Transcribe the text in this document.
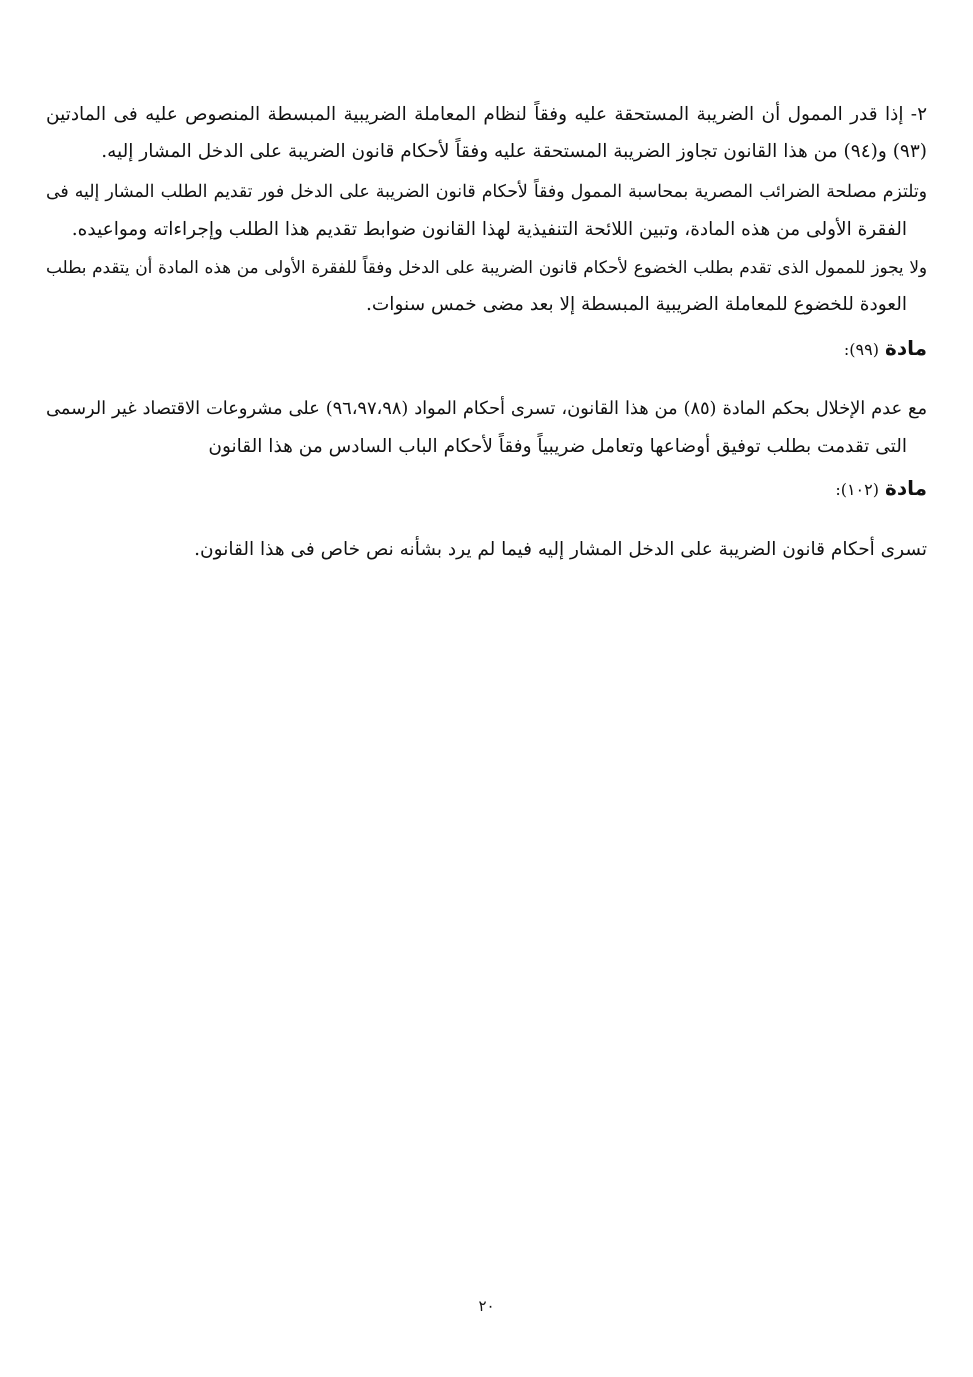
٢- إذا قدر الممول أن الضريبة المستحقة عليه وفقاً لنظام المعاملة الضريبية المبسطة المنصوص عليه فى المادتين
(٩٣) و(٩٤) من هذا القانون تجاوز الضريبة المستحقة عليه وفقاً لأحكام قانون الضريبة على الدخل المشار إليه.
وتلتزم مصلحة الضرائب المصرية بمحاسبة الممول وفقاً لأحكام قانون الضريبة على الدخل فور تقديم الطلب المشار إليه فى
الفقرة الأولى من هذه المادة، وتبين اللائحة التنفيذية لهذا القانون ضوابط تقديم هذا الطلب وإجراءاته ومواعيده.
ولا يجوز للممول الذى تقدم بطلب الخضوع لأحكام قانون الضريبة على الدخل وفقاً للفقرة الأولى من هذه المادة أن يتقدم بطلب
العودة للخضوع للمعاملة الضريبية المبسطة إلا بعد مضى خمس سنوات.
مادة (٩٩):
مع عدم الإخلال بحكم المادة (٨٥) من هذا القانون، تسرى أحكام المواد (٩٦،٩٧،٩٨) على مشروعات الاقتصاد غير الرسمى
التى تقدمت بطلب توفيق أوضاعها وتعامل ضريبياً وفقاً لأحكام الباب السادس من هذا القانون
مادة (١٠٢):
تسرى أحكام قانون الضريبة على الدخل المشار إليه فيما لم يرد بشأنه نص خاص فى هذا القانون.
٢٠
